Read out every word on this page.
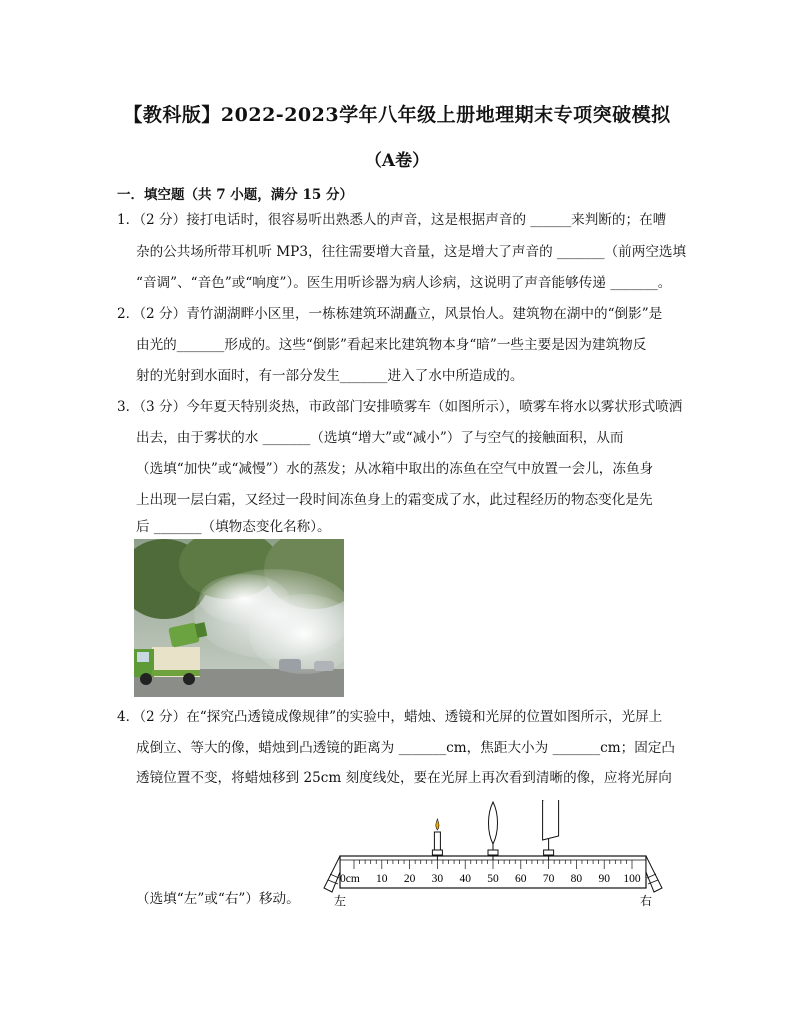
【教科版】2022-2023学年八年级上册地理期末专项突破模拟
（A卷）
一．填空题（共 7 小题，满分 15 分）
1．（2 分）接打电话时，很容易听出熟悉人的声音，这是根据声音的 ______来判断的；在嘈
杂的公共场所带耳机听 MP3，往往需要增大音量，这是增大了声音的 _______（前两空选填
“音调”、“音色”或“响度”）。医生用听诊器为病人诊病，这说明了声音能够传递 _______。
2．（2 分）青竹湖湖畔小区里，一栋栋建筑环湖矗立，风景怡人。建筑物在湖中的“倒影”是
由光的_______形成的。这些“倒影”看起来比建筑物本身“暗”一些主要是因为建筑物反
射的光射到水面时，有一部分发生_______进入了水中所造成的。
3．（3 分）今年夏天特别炎热，市政部门安排喷雾车（如图所示），喷雾车将水以雾状形式喷洒
出去，由于雾状的水 _______（选填“增大”或“减小”）了与空气的接触面积，从而
（选填“加快”或“减慢”）水的蒸发；从冰箱中取出的冻鱼在空气中放置一会儿，冻鱼身
上出现一层白霜，又经过一段时间冻鱼身上的霜变成了水，此过程经历的物态变化是先
后 _______（填物态变化名称）。
4．（2 分）在“探究凸透镜成像规律”的实验中，蜡烛、透镜和光屏的位置如图所示，光屏上
成倒立、等大的像，蜡烛到凸透镜的距离为 _______cm，焦距大小为 _______cm；固定凸
透镜位置不变，将蜡烛移到 25cm 刻度线处，要在光屏上再次看到清晰的像，应将光屏向
（选填“左”或“右”）移动。
0cm 10 20 30 40 50 60 70 80 90 100
左	右
